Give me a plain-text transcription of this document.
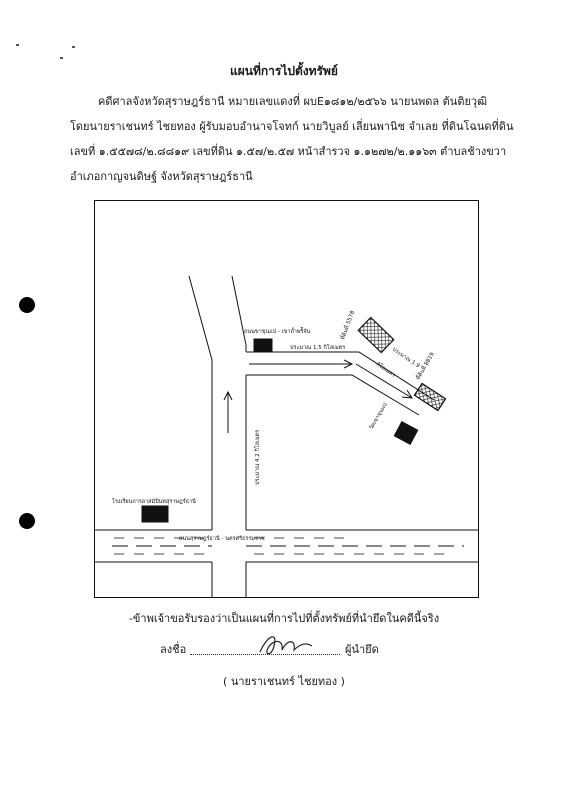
แผนที่การไปตั้งทรัพย์
คดีศาลจังหวัดสุราษฎร์ธานี หมายเลขแดงที่ ผบE๑๘๑๒/๒๕๖๖ นายนพดล ต้นติยวุฒิ
โดยนายราเชนทร์ ไชยทอง ผู้รับมอบอำนาจโจทก์ นายวิบูลย์ เลี่ยนพานิช จำเลย ที่ดินโฉนดที่ดิน
เลขที่ ๑.๕๕๗๘/๒.๘๘๑๙ เลขที่ดิน ๑.๕๗/๒.๕๗ หน้าสำรวจ ๑.๑๒๗๒/๒.๑๑๖๓ ตำบลช้างขวา
อำเภอกาญจนดิษฐ์ จังหวัดสุราษฎร์ธานี
ถนนขาขุนแป - เขาถ้ำพริีจัน
ประมาณ 1.5 กิโลเมตร
ประมาณ 4.2 กิโลเมตร
ประมาณ 1.9
กิโลเมตร
โรงเรียนการอาสมัปันทสุราษฎร์ธานี
ถนนสุราษฎร์ธานี - นครศรีธรรมราช
ที่ดินที่ 5578
ที่ดินที่ 8819
วัดเขาขุนแป
-ข้าพเจ้าขอรับรองว่าเป็นแผนที่การไปที่ตั้งทรัพย์ที่นำยึดในคดีนี้จริง
ลงชื่อ	ผู้นำยึด
( นายราเชนทร์ ไชยทอง )
